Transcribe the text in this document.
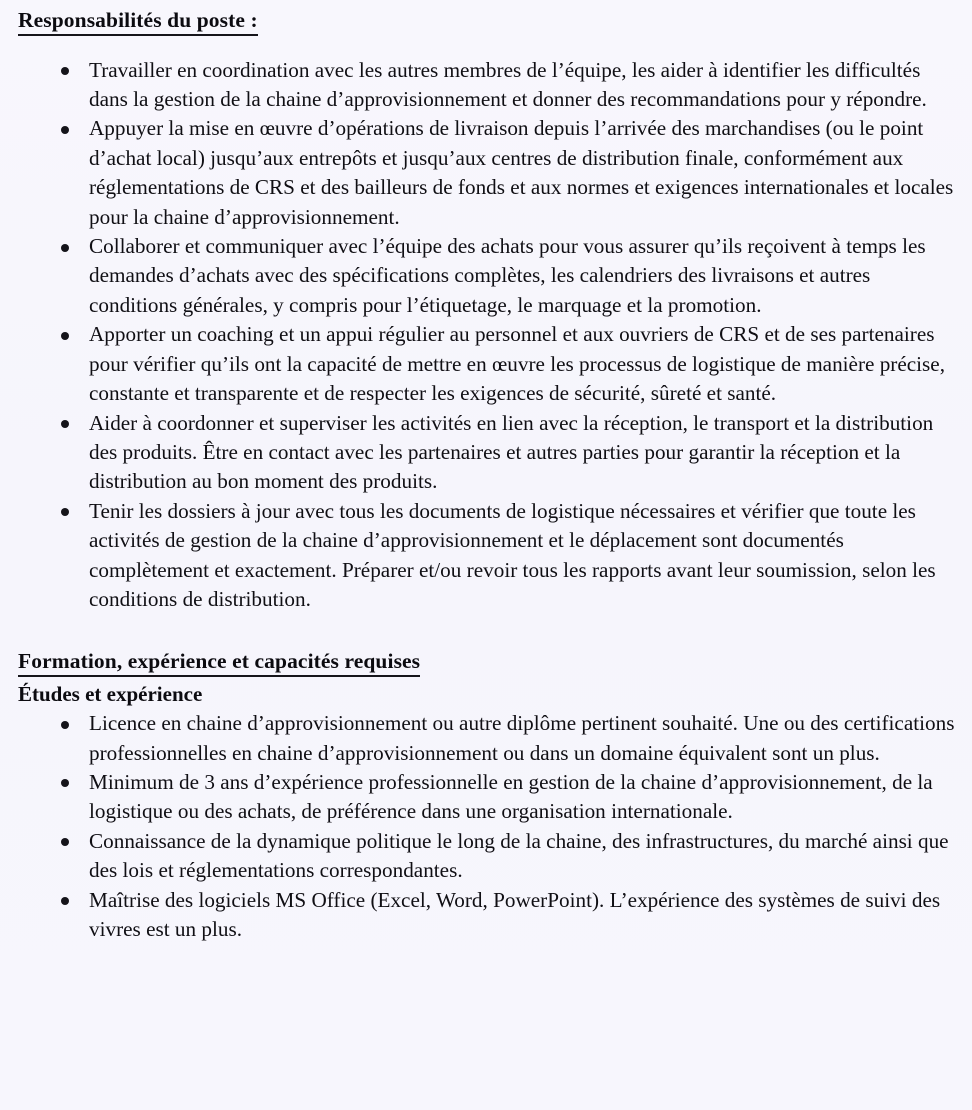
Responsabilités du poste :
Travailler en coordination avec les autres membres de l’équipe, les aider à identifier les difficultés dans la gestion de la chaine d’approvisionnement et donner des recommandations pour y répondre.
Appuyer la mise en œuvre d’opérations de livraison depuis l’arrivée des marchandises (ou le point d’achat local) jusqu’aux entrepôts et jusqu’aux centres de distribution finale, conformément aux réglementations de CRS et des bailleurs de fonds et aux normes et exigences internationales et locales pour la chaine d’approvisionnement.
Collaborer et communiquer avec l’équipe des achats pour vous assurer qu’ils reçoivent à temps les demandes d’achats avec des spécifications complètes, les calendriers des livraisons et autres conditions générales, y compris pour l’étiquetage, le marquage et la promotion.
Apporter un coaching et un appui régulier au personnel et aux ouvriers de CRS et de ses partenaires pour vérifier qu’ils ont la capacité de mettre en œuvre les processus de logistique de manière précise, constante et transparente et de respecter les exigences de sécurité, sûreté et santé.
Aider à coordonner et superviser les activités en lien avec la réception, le transport et la distribution des produits. Être en contact avec les partenaires et autres parties pour garantir la réception et la distribution au bon moment des produits.
Tenir les dossiers à jour avec tous les documents de logistique nécessaires et vérifier que toute les activités de gestion de la chaine d’approvisionnement et le déplacement sont documentés complètement et exactement. Préparer et/ou revoir tous les rapports avant leur soumission, selon les conditions de distribution.
Formation, expérience et capacités requises
Études et expérience
Licence en chaine d’approvisionnement ou autre diplôme pertinent souhaité. Une ou des certifications professionnelles en chaine d’approvisionnement ou dans un domaine équivalent sont un plus.
Minimum de 3 ans d’expérience professionnelle en gestion de la chaine d’approvisionnement, de la logistique ou des achats, de préférence dans une organisation internationale.
Connaissance de la dynamique politique le long de la chaine, des infrastructures, du marché ainsi que des lois et réglementations correspondantes.
Maîtrise des logiciels MS Office (Excel, Word, PowerPoint). L’expérience des systèmes de suivi des vivres est un plus.
